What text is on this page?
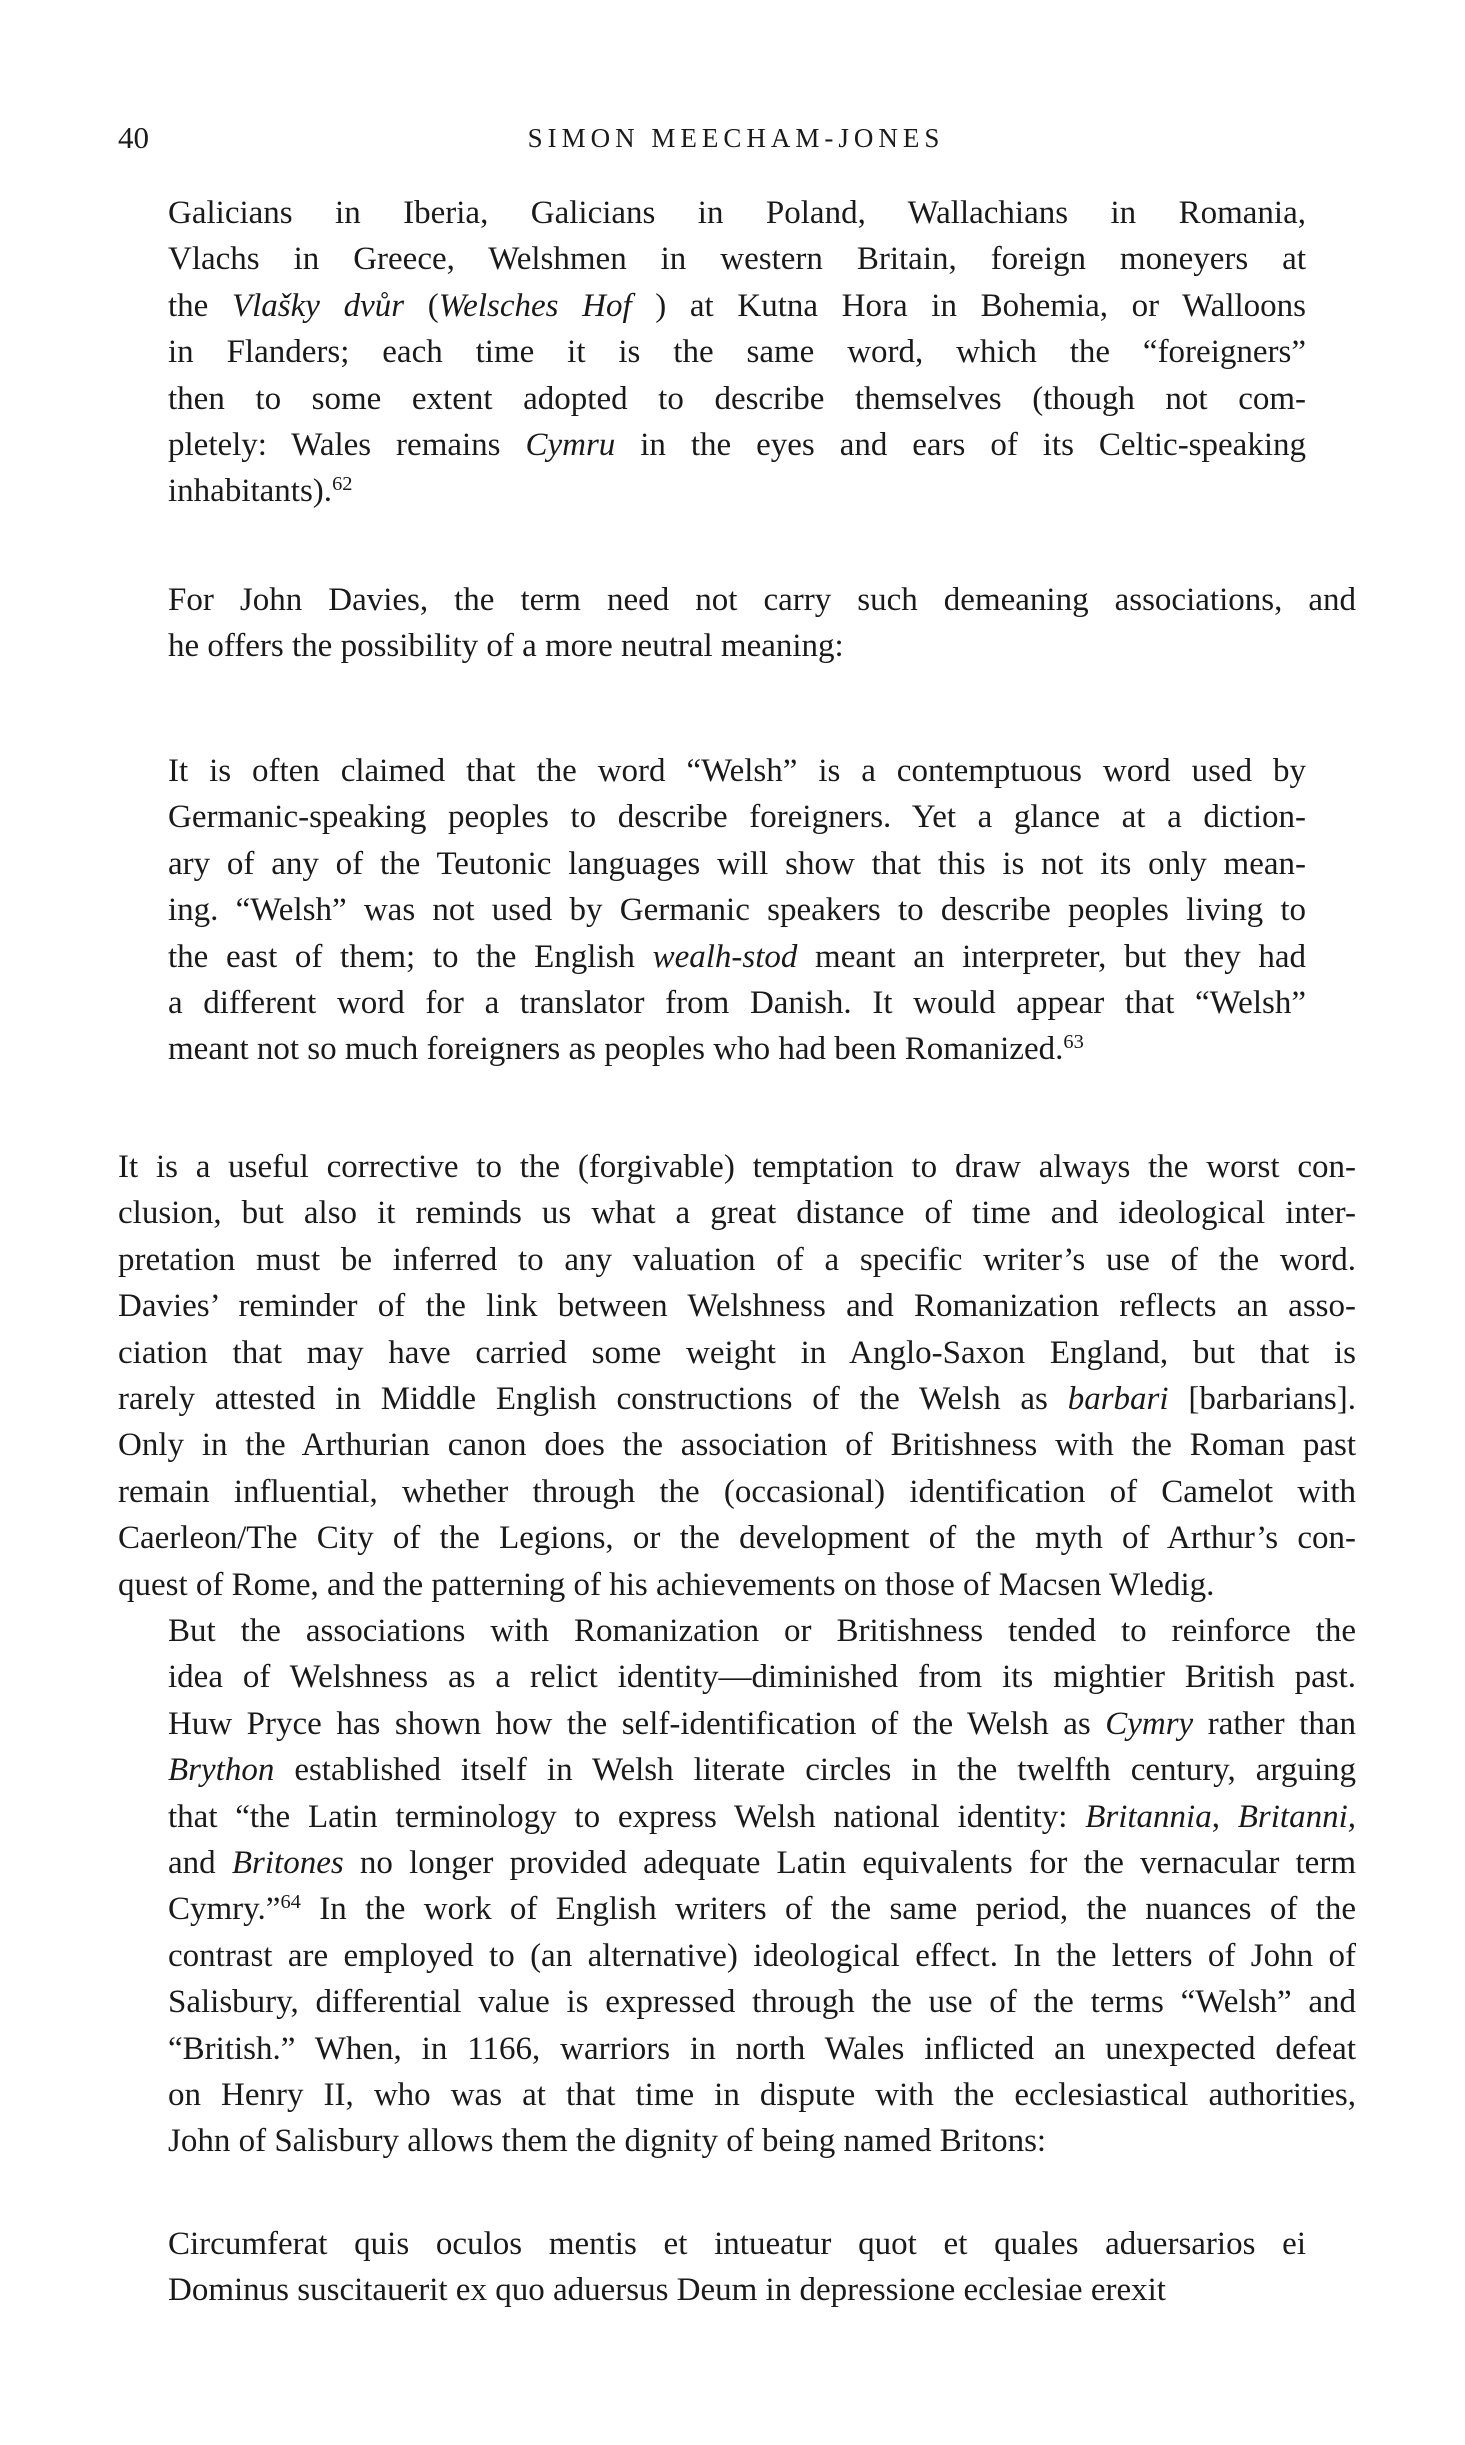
40	SIMON MEECHAM-JONES

Galicians in Iberia, Galicians in Poland, Wallachians in Romania,
Vlachs in Greece, Welshmen in western Britain, foreign moneyers at
the Vlašky dvůr (Welsches Hof ) at Kutna Hora in Bohemia, or Walloons
in Flanders; each time it is the same word, which the “foreigners”
then to some extent adopted to describe themselves (though not com-
pletely: Wales remains Cymru in the eyes and ears of its Celtic-speaking
inhabitants).$^{62}$

For John Davies, the term need not carry such demeaning associations, and
he offers the possibility of a more neutral meaning:

It is often claimed that the word “Welsh” is a contemptuous word used by
Germanic-speaking peoples to describe foreigners. Yet a glance at a diction-
ary of any of the Teutonic languages will show that this is not its only mean-
ing. “Welsh” was not used by Germanic speakers to describe peoples living to
the east of them; to the English wealh-stod meant an interpreter, but they had
a different word for a translator from Danish. It would appear that “Welsh”
meant not so much foreigners as peoples who had been Romanized.$^{63}$

It is a useful corrective to the (forgivable) temptation to draw always the worst con-
clusion, but also it reminds us what a great distance of time and ideological inter-
pretation must be inferred to any valuation of a specific writer’s use of the word.
Davies’ reminder of the link between Welshness and Romanization reflects an asso-
ciation that may have carried some weight in Anglo-Saxon England, but that is
rarely attested in Middle English constructions of the Welsh as barbari [barbarians].
Only in the Arthurian canon does the association of Britishness with the Roman past
remain influential, whether through the (occasional) identification of Camelot with
Caerleon/The City of the Legions, or the development of the myth of Arthur’s con-
quest of Rome, and the patterning of his achievements on those of Macsen Wledig.

But the associations with Romanization or Britishness tended to reinforce the
idea of Welshness as a relict identity—diminished from its mightier British past.
Huw Pryce has shown how the self-identification of the Welsh as Cymry rather than
Brython established itself in Welsh literate circles in the twelfth century, arguing
that “the Latin terminology to express Welsh national identity: Britannia, Britanni,
and Britones no longer provided adequate Latin equivalents for the vernacular term
Cymry.”$^{64}$ In the work of English writers of the same period, the nuances of the
contrast are employed to (an alternative) ideological effect. In the letters of John of
Salisbury, differential value is expressed through the use of the terms “Welsh” and
“British.” When, in 1166, warriors in north Wales inflicted an unexpected defeat
on Henry II, who was at that time in dispute with the ecclesiastical authorities,
John of Salisbury allows them the dignity of being named Britons:

Circumferat quis oculos mentis et intueatur quot et quales aduersarios ei
Dominus suscitauerit ex quo aduersus Deum in depressione ecclesiae erexit
